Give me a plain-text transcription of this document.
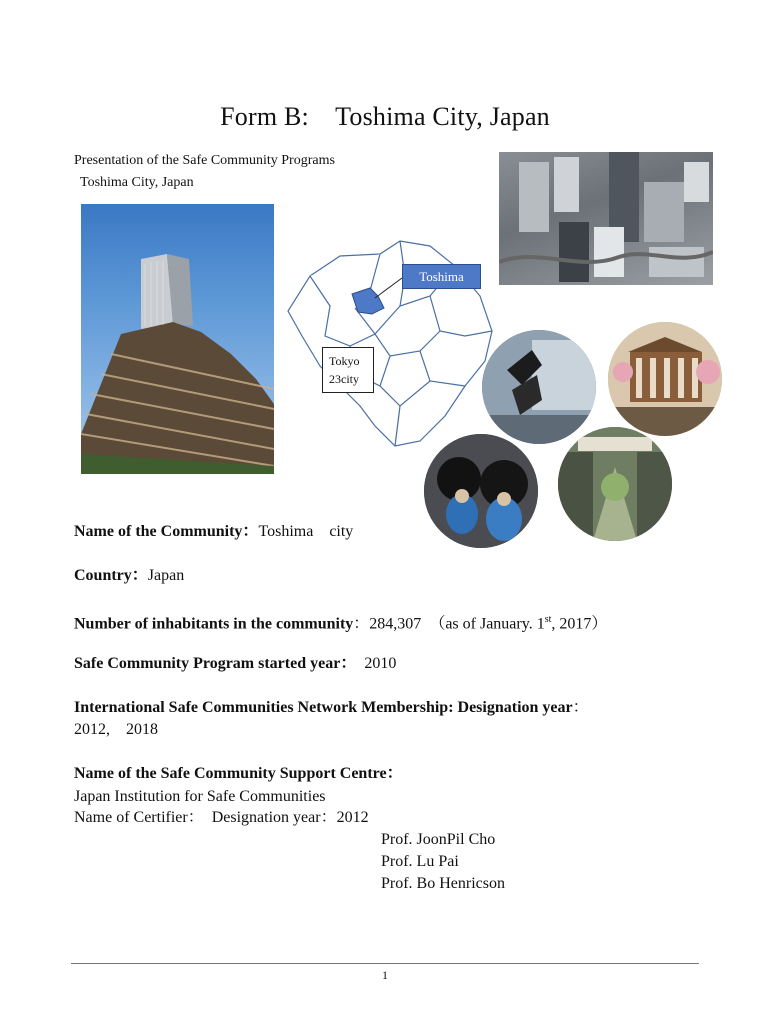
Form B:　Toshima City, Japan
Presentation of the Safe Community Programs
Toshima City, Japan
Toshima
Tokyo
23city
Name of the Community：Toshima　city
Country：Japan
Number of inhabitants in the community：284,307　（as of January. 1st, 2017）
Safe Community Program started year：　2010
International Safe Communities Network Membership: Designation year：
2012,　2018
Name of the Safe Community Support Centre：
Japan Institution for Safe Communities
Name of Certifier：　Designation year：2012
Prof. JoonPil Cho
Prof. Lu Pai
Prof. Bo Henricson
1
